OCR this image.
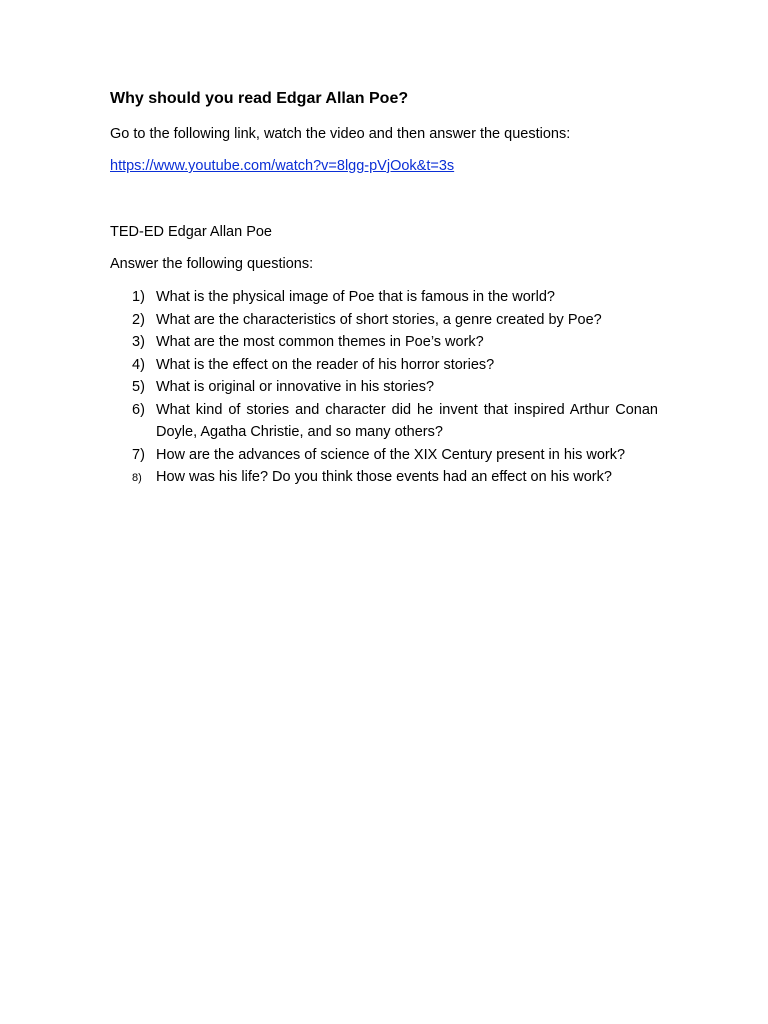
Why should you read Edgar Allan Poe?
Go to the following link, watch the video and then answer the questions:
https://www.youtube.com/watch?v=8lgg-pVjOok&t=3s
TED-ED Edgar Allan Poe
Answer the following questions:
1) What is the physical image of Poe that is famous in the world?
2) What are the characteristics of short stories, a genre created by Poe?
3) What are the most common themes in Poe’s work?
4) What is the effect on the reader of his horror stories?
5) What is original or innovative in his stories?
6) What kind of stories and character did he invent that inspired Arthur Conan Doyle, Agatha Christie, and so many others?
7) How are the advances of science of the XIX Century present in his work?
8) How was his life? Do you think those events had an effect on his work?
